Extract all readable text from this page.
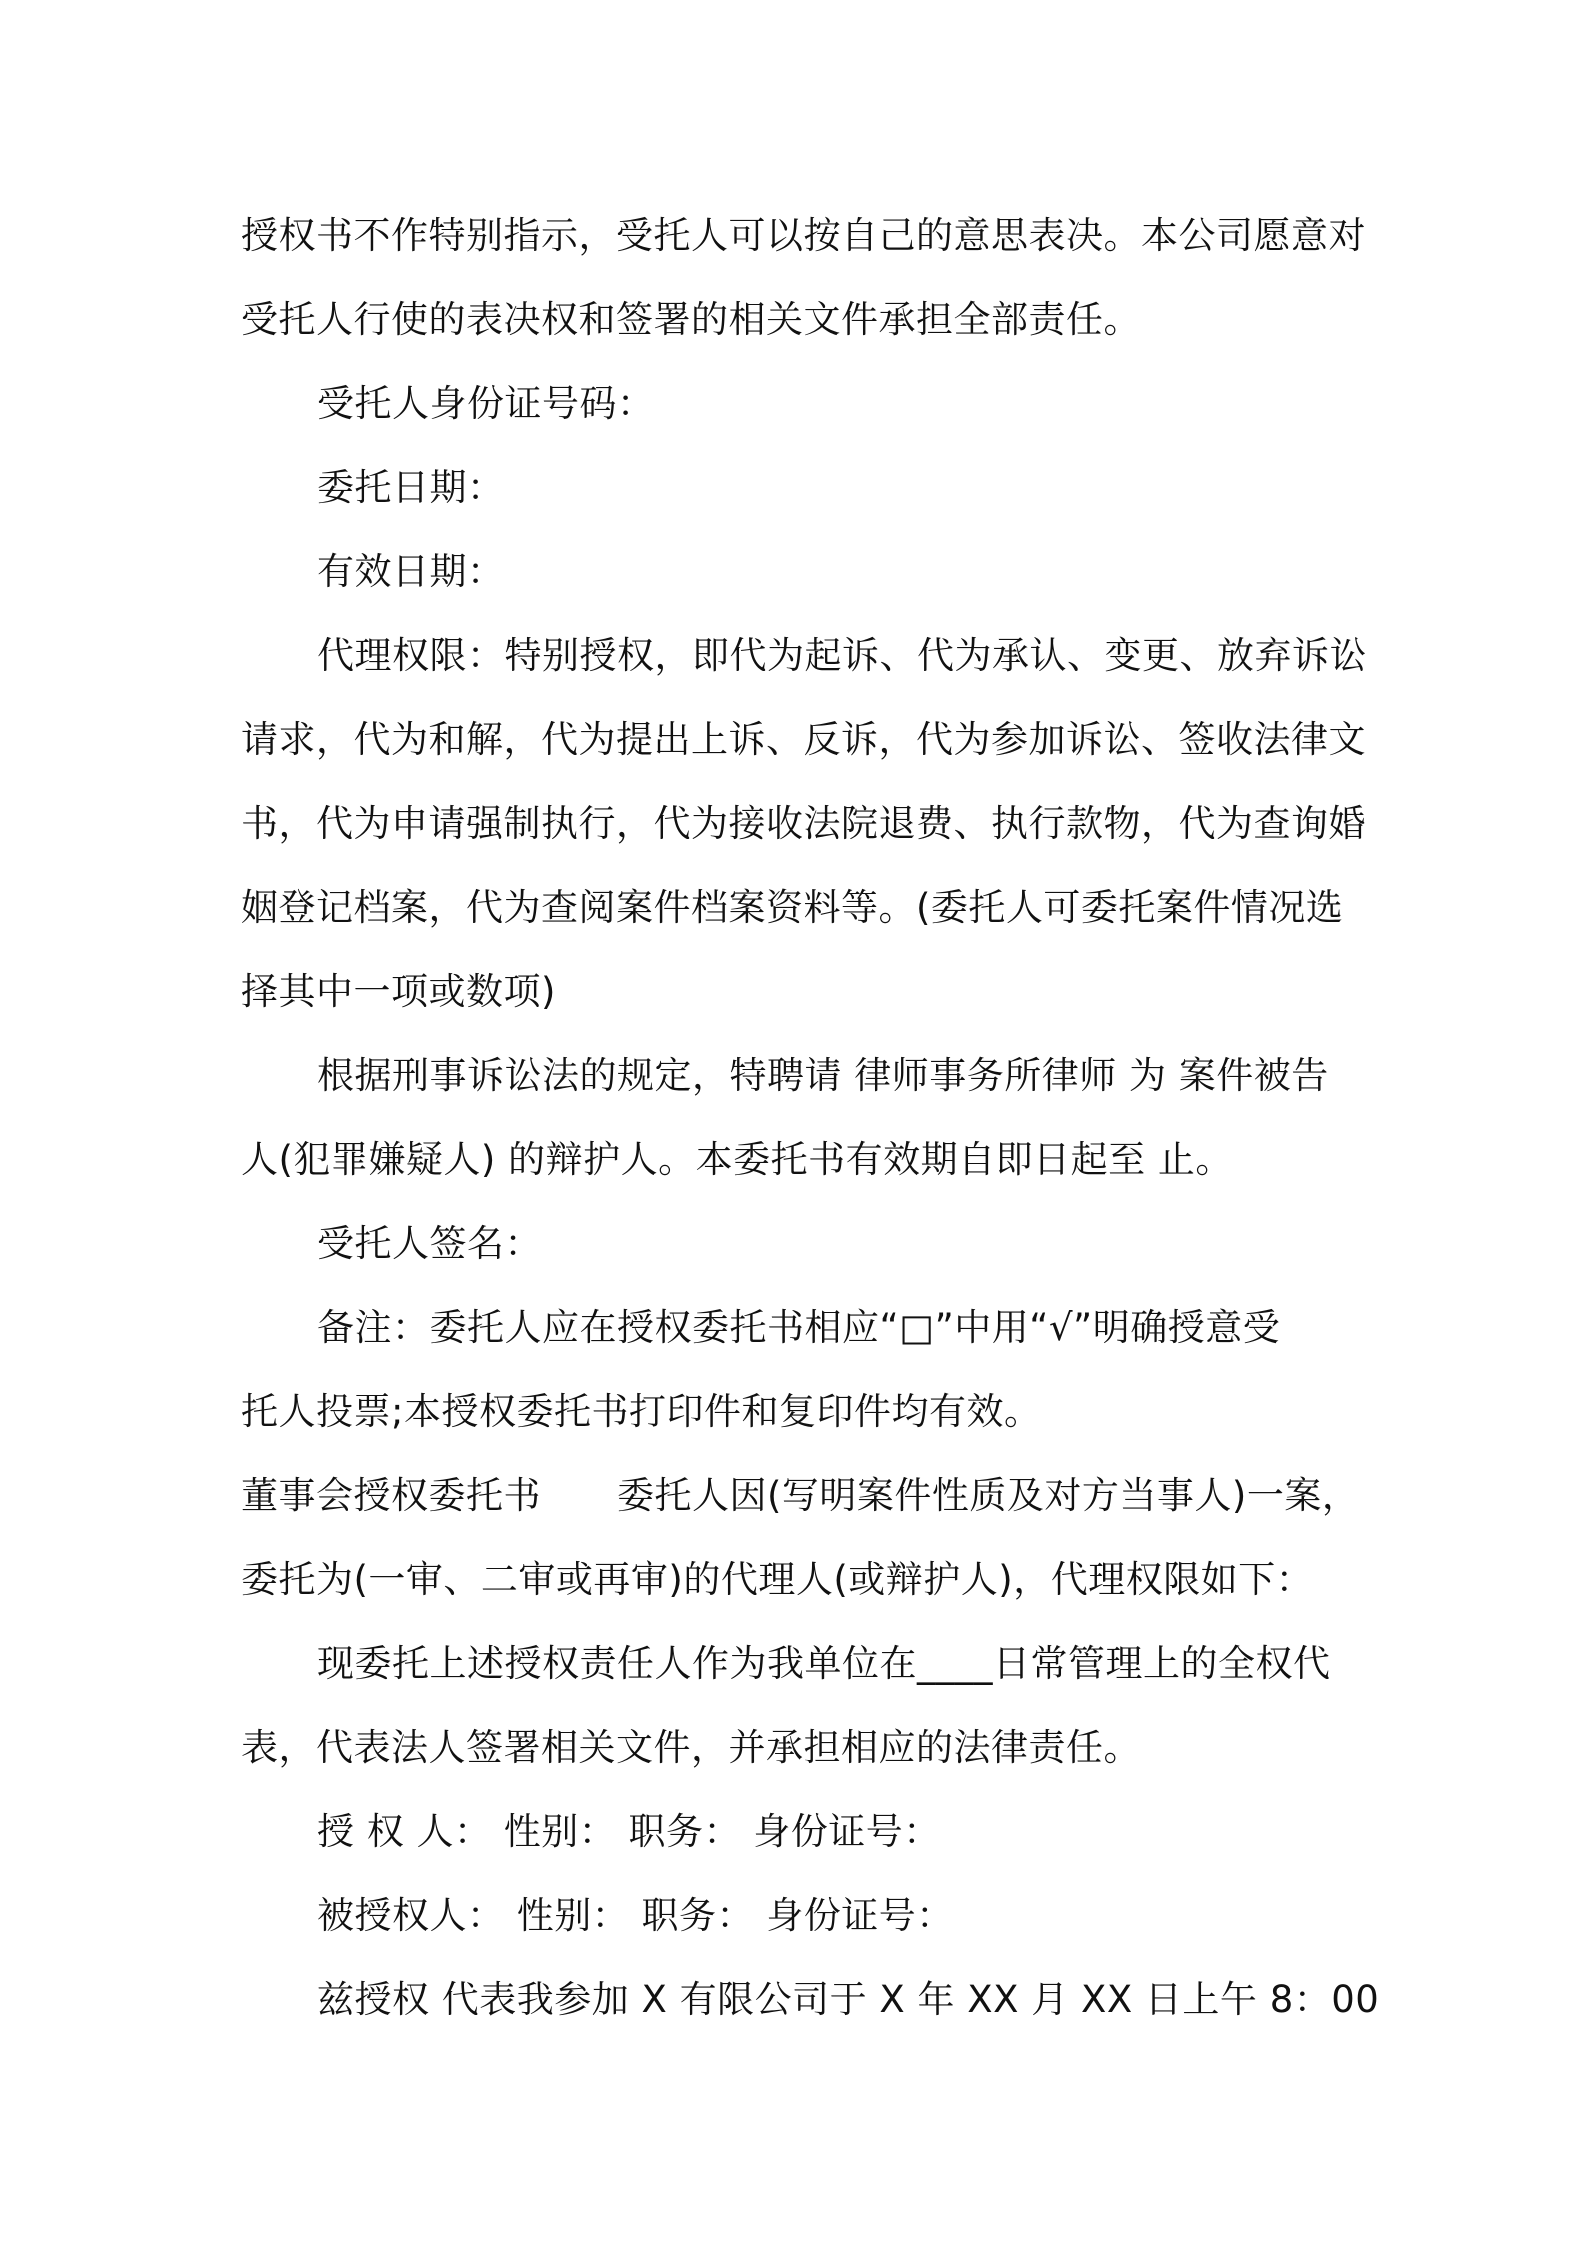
授权书不作特别指示，受托人可以按自己的意思表决。本公司愿意对
受托人行使的表决权和签署的相关文件承担全部责任。
受托人身份证号码：
委托日期：
有效日期：
代理权限：特别授权，即代为起诉、代为承认、变更、放弃诉讼
请求，代为和解，代为提出上诉、反诉，代为参加诉讼、签收法律文
书，代为申请强制执行，代为接收法院退费、执行款物，代为查询婚
姻登记档案，代为查阅案件档案资料等。(委托人可委托案件情况选
择其中一项或数项)
根据刑事诉讼法的规定，特聘请 律师事务所律师 为 案件被告
人(犯罪嫌疑人) 的辩护人。本委托书有效期自即日起至 止。
受托人签名：
备注：委托人应在授权委托书相应“□”中用“√”明确授意受
托人投票;本授权委托书打印件和复印件均有效。
董事会授权委托书 委托人因(写明案件性质及对方当事人)一案，
委托为(一审、二审或再审)的代理人(或辩护人)，代理权限如下：
现委托上述授权责任人作为我单位在____日常管理上的全权代
表，代表法人签署相关文件，并承担相应的法律责任。
授 权 人： 性别： 职务： 身份证号：
被授权人： 性别： 职务： 身份证号：
兹授权 代表我参加 X 有限公司于 X 年 XX 月 XX 日上午 8：00
